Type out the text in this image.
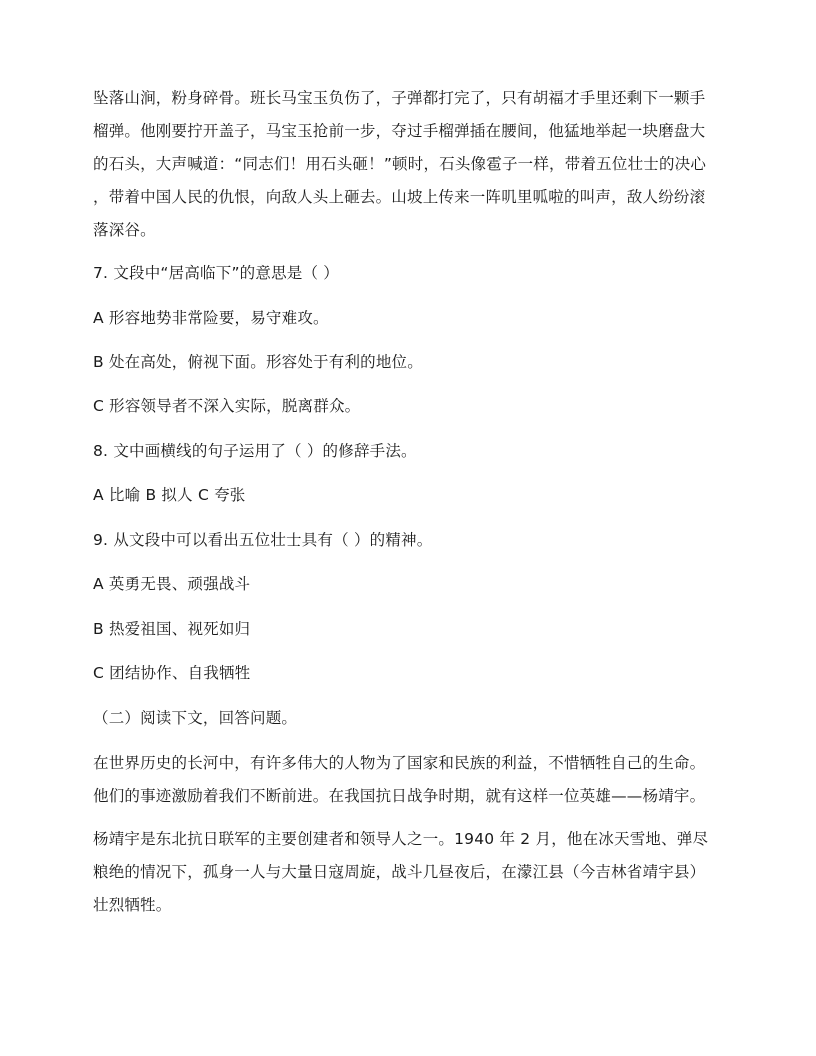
坠落山涧，粉身碎骨。班长马宝玉负伤了，子弹都打完了，只有胡福才手里还剩下一颗手
榴弹。他刚要拧开盖子，马宝玉抢前一步，夺过手榴弹插在腰间，他猛地举起一块磨盘大
的石头，大声喊道：“同志们！用石头砸！”顿时，石头像雹子一样，带着五位壮士的决心
，带着中国人民的仇恨，向敌人头上砸去。山坡上传来一阵叽里呱啦的叫声，敌人纷纷滚
落深谷。

7. 文段中“居高临下”的意思是（ ）

A 形容地势非常险要，易守难攻。

B 处在高处，俯视下面。形容处于有利的地位。

C 形容领导者不深入实际，脱离群众。

8. 文中画横线的句子运用了（ ）的修辞手法。

A 比喻 B 拟人 C 夸张

9. 从文段中可以看出五位壮士具有（ ）的精神。

A 英勇无畏、顽强战斗

B 热爱祖国、视死如归

C 团结协作、自我牺牲

（二）阅读下文，回答问题。

在世界历史的长河中，有许多伟大的人物为了国家和民族的利益，不惜牺牲自己的生命。
他们的事迹激励着我们不断前进。在我国抗日战争时期，就有这样一位英雄——杨靖宇。
杨靖宇是东北抗日联军的主要创建者和领导人之一。1940 年 2 月，他在冰天雪地、弹尽
粮绝的情况下，孤身一人与大量日寇周旋，战斗几昼夜后，在濛江县（今吉林省靖宇县）
壮烈牺牲。
